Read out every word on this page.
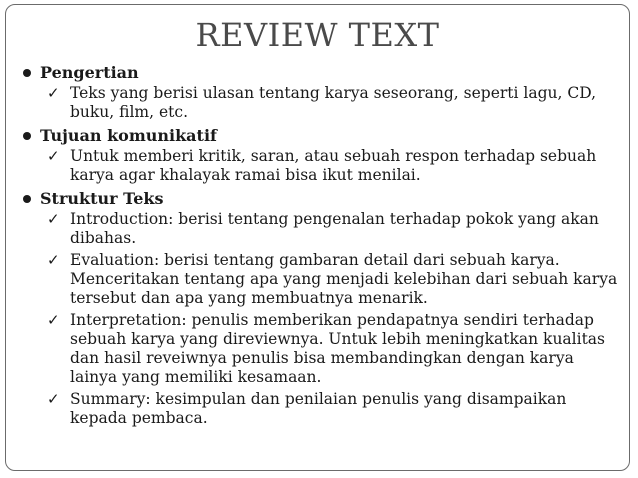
REVIEW TEXT
Pengertian
✓ Teks yang berisi ulasan tentang karya seseorang, seperti lagu, CD, buku, film, etc.
Tujuan komunikatif
✓ Untuk memberi kritik, saran, atau sebuah respon terhadap sebuah karya agar khalayak ramai bisa ikut menilai.
Struktur Teks
✓ Introduction: berisi tentang pengenalan terhadap pokok yang akan dibahas.
✓ Evaluation: berisi tentang gambaran detail dari sebuah karya. Menceritakan tentang apa yang menjadi kelebihan dari sebuah karya tersebut dan apa yang membuatnya menarik.
✓ Interpretation: penulis memberikan pendapatnya sendiri terhadap sebuah karya yang direviewnya. Untuk lebih meningkatkan kualitas dan hasil reveiwnya penulis bisa membandingkan dengan karya lainya yang memiliki kesamaan.
✓ Summary: kesimpulan dan penilaian penulis yang disampaikan kepada pembaca.
